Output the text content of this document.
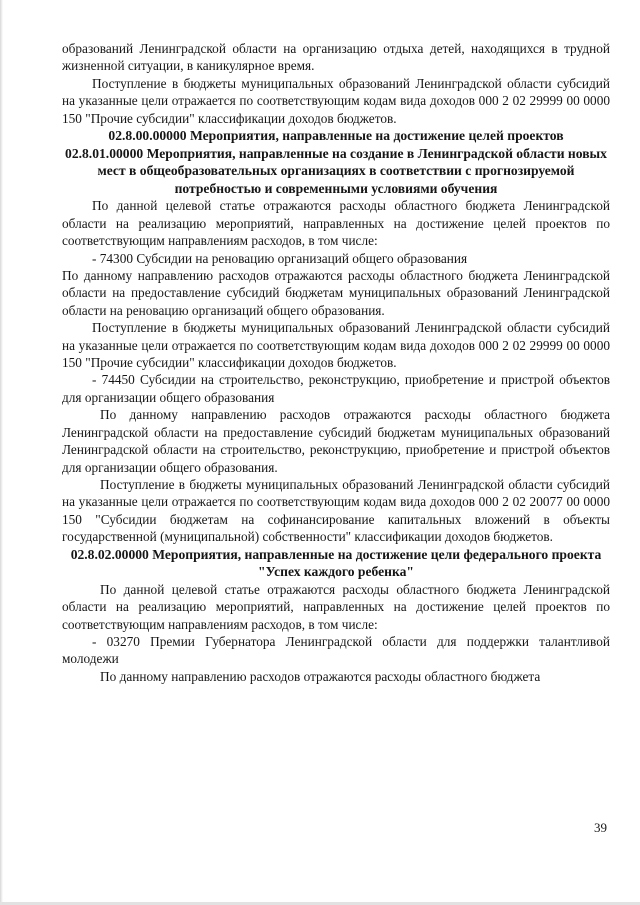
образований Ленинградской области на организацию отдыха детей, находящихся в трудной жизненной ситуации, в каникулярное время.

Поступление в бюджеты муниципальных образований Ленинградской области субсидий на указанные цели отражается по соответствующим кодам вида доходов 000 2 02 29999 00 0000 150 "Прочие субсидии" классификации доходов бюджетов.

02.8.00.00000 Мероприятия, направленные на достижение целей проектов

02.8.01.00000 Мероприятия, направленные на создание в Ленинградской области новых мест в общеобразовательных организациях в соответствии с прогнозируемой потребностью и современными условиями обучения

По данной целевой статье отражаются расходы областного бюджета Ленинградской области на реализацию мероприятий, направленных на достижение целей проектов по соответствующим направлениям расходов, в том числе:

- 74300 Субсидии на реновацию организаций общего образования

По данному направлению расходов отражаются расходы областного бюджета Ленинградской области на предоставление субсидий бюджетам муниципальных образований Ленинградской области на реновацию организаций общего образования.

Поступление в бюджеты муниципальных образований Ленинградской области субсидий на указанные цели отражается по соответствующим кодам вида доходов 000 2 02 29999 00 0000 150 "Прочие субсидии" классификации доходов бюджетов.

- 74450 Субсидии на строительство, реконструкцию, приобретение и пристрой объектов для организации общего образования

По данному направлению расходов отражаются расходы областного бюджета Ленинградской области на предоставление субсидий бюджетам муниципальных образований Ленинградской области на строительство, реконструкцию, приобретение и пристрой объектов для организации общего образования.

Поступление в бюджеты муниципальных образований Ленинградской области субсидий на указанные цели отражается по соответствующим кодам вида доходов 000 2 02 20077 00 0000 150 "Субсидии бюджетам на софинансирование капитальных вложений в объекты государственной (муниципальной) собственности" классификации доходов бюджетов.

02.8.02.00000 Мероприятия, направленные на достижение цели федерального проекта "Успех каждого ребенка"

По данной целевой статье отражаются расходы областного бюджета Ленинградской области на реализацию мероприятий, направленных на достижение целей проектов по соответствующим направлениям расходов, в том числе:

- 03270 Премии Губернатора Ленинградской области для поддержки талантливой молодежи

По данному направлению расходов отражаются расходы областного бюджета

39
